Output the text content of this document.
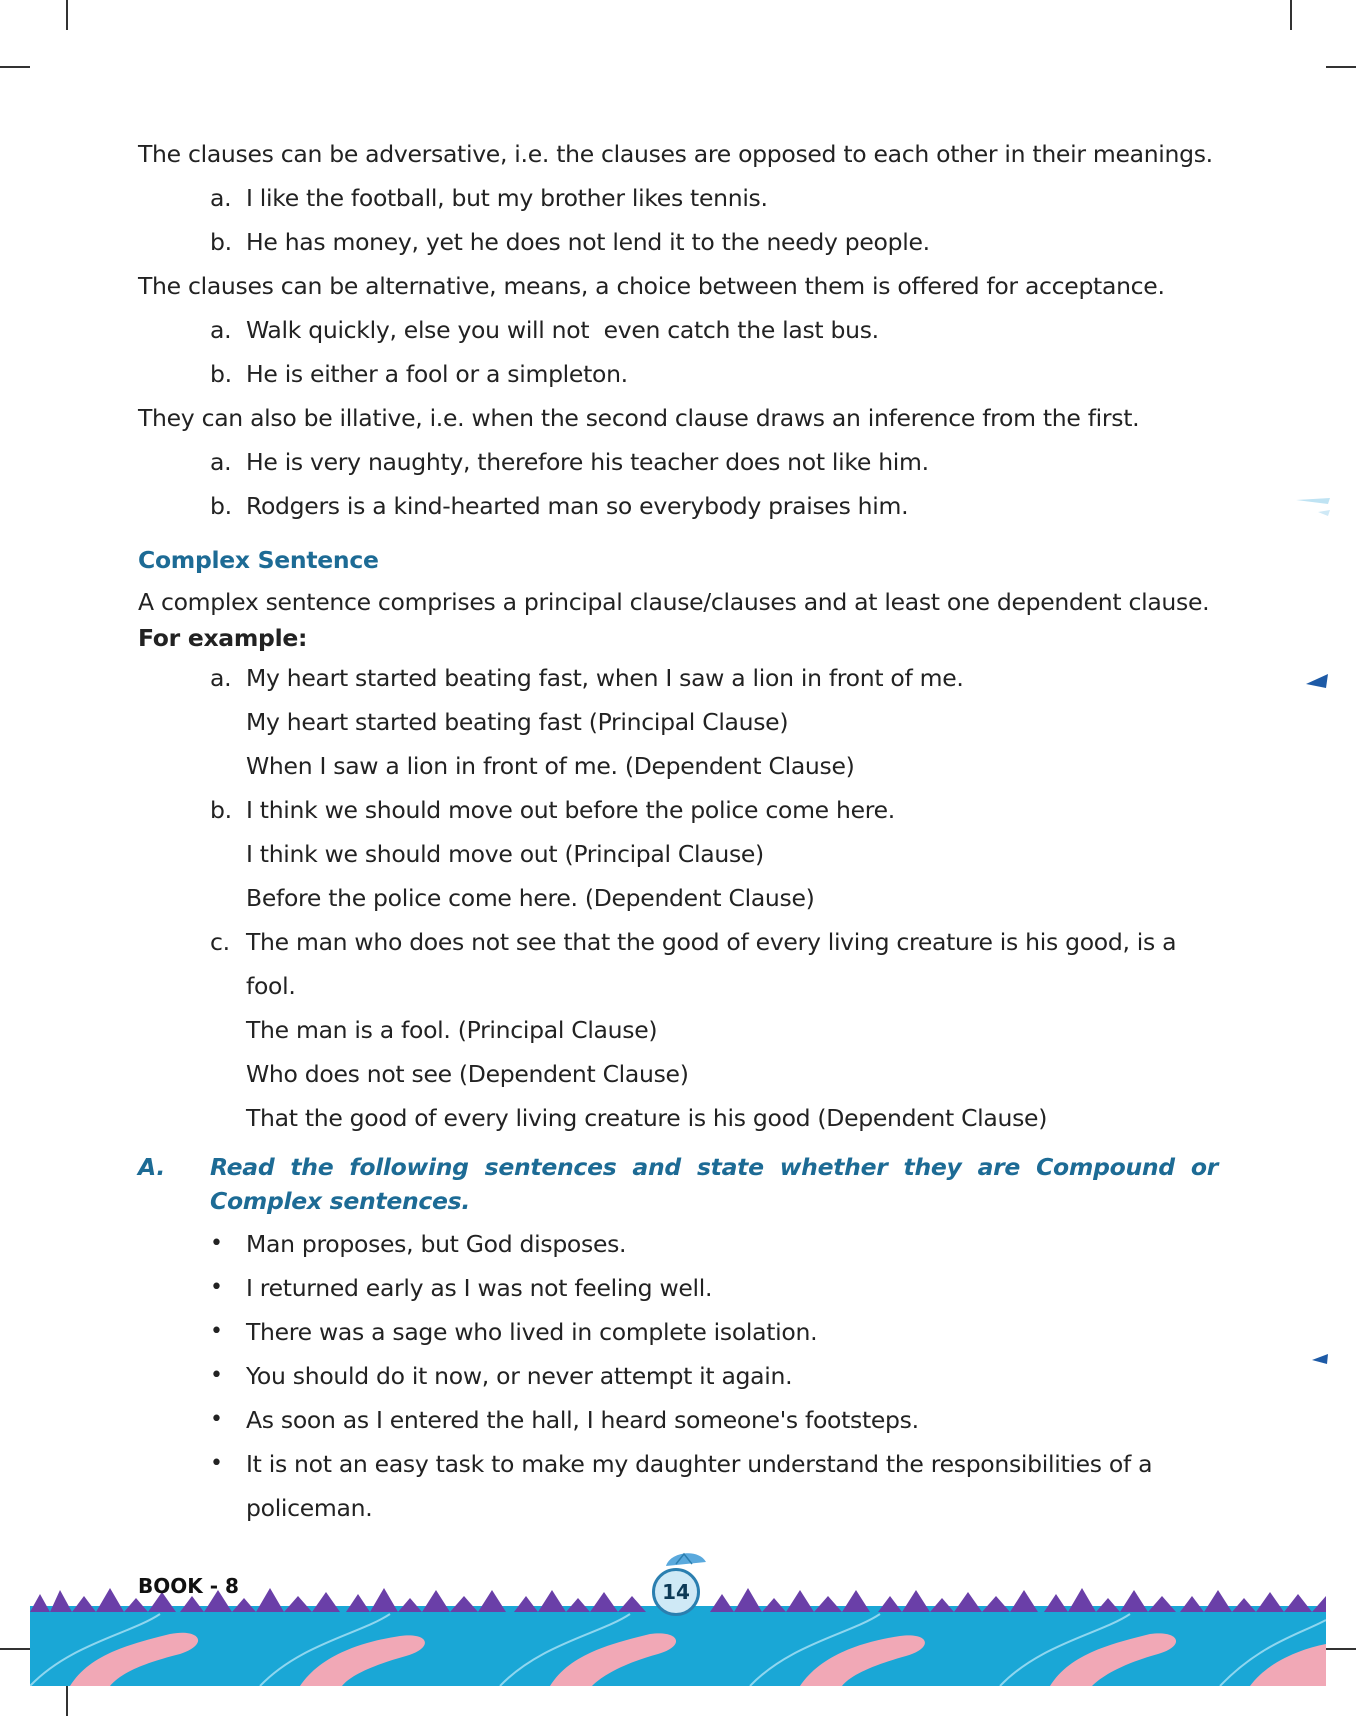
The clauses can be adversative, i.e. the clauses are opposed to each other in their meanings.

a. I like the football, but my brother likes tennis.
b. He has money, yet he does not lend it to the needy people.

The clauses can be alternative, means, a choice between them is offered for acceptance.

a. Walk quickly, else you will not  even catch the last bus.
b. He is either a fool or a simpleton.

They can also be illative, i.e. when the second clause draws an inference from the first.

a. He is very naughty, therefore his teacher does not like him.
b. Rodgers is a kind-hearted man so everybody praises him.
Complex Sentence

A complex sentence comprises a principal clause/clauses and at least one dependent clause.
For example:

a. My heart started beating fast, when I saw a lion in front of me.
My heart started beating fast (Principal Clause)
When I saw a lion in front of me. (Dependent Clause)
b. I think we should move out before the police come here.
I think we should move out (Principal Clause)
Before the police come here. (Dependent Clause)
c. The man who does not see that the good of every living creature is his good, is a
fool.
The man is a fool. (Principal Clause)
Who does not see (Dependent Clause)
That the good of every living creature is his good (Dependent Clause)
A.	Read the following sentences and state whether they are Compound or Complex sentences.
• Man proposes, but God disposes.
• I returned early as I was not feeling well.
• There was a sage who lived in complete isolation.
• You should do it now, or never attempt it again.
• As soon as I entered the hall, I heard someone's footsteps.
• It is not an easy task to make my daughter understand the responsibilities of a policeman.
BOOK - 8	14
